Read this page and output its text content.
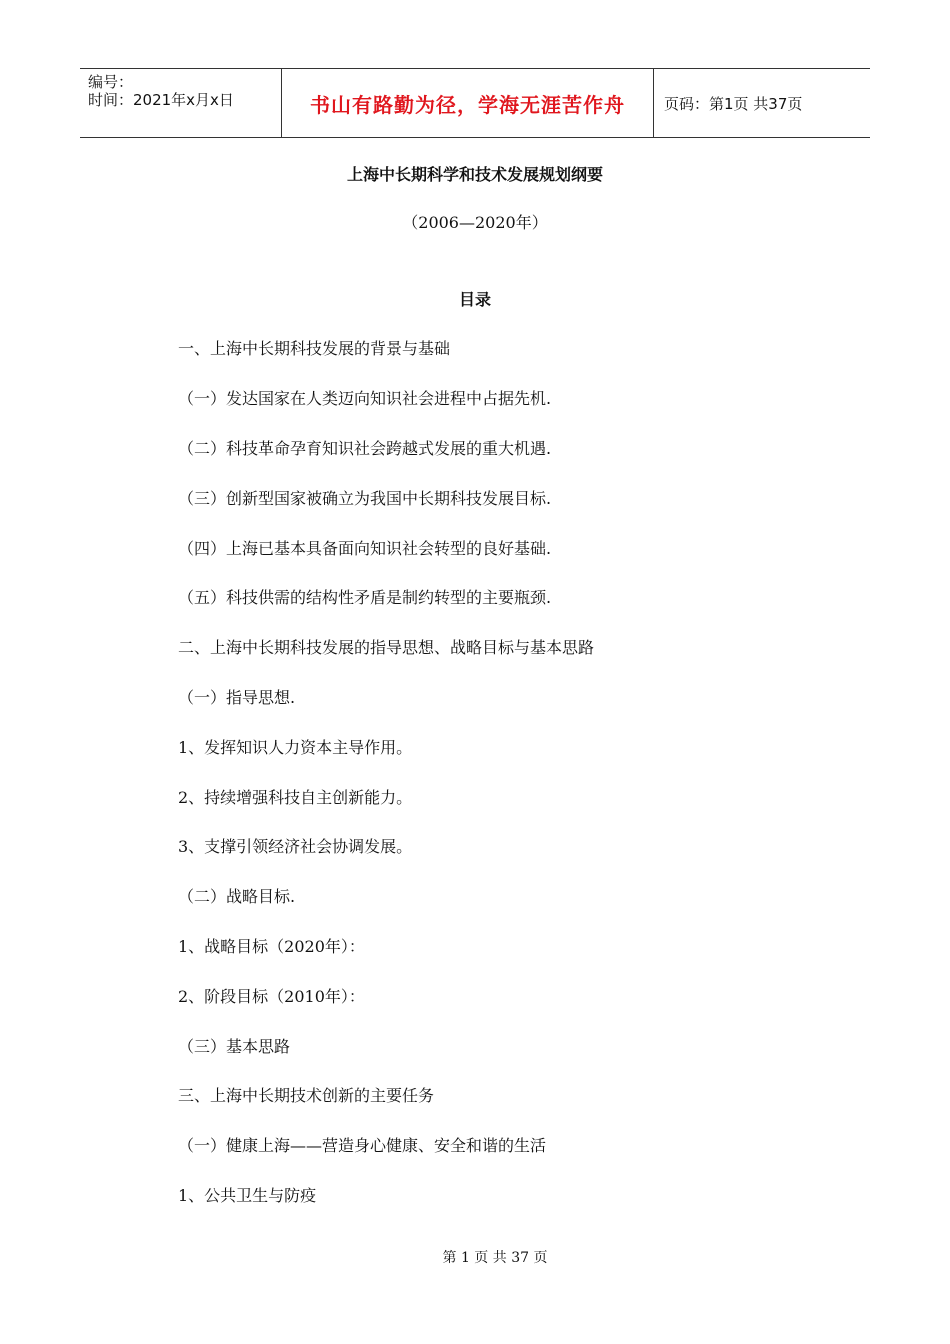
编号：
时间：2021年x月x日	书山有路勤为径，学海无涯苦作舟	页码：第1页 共37页
上海中长期科学和技术发展规划纲要
（2006—2020年）
目录
一、上海中长期科技发展的背景与基础
（一）发达国家在人类迈向知识社会进程中占据先机.
（二）科技革命孕育知识社会跨越式发展的重大机遇.
（三）创新型国家被确立为我国中长期科技发展目标.
（四）上海已基本具备面向知识社会转型的良好基础.
（五）科技供需的结构性矛盾是制约转型的主要瓶颈.
二、上海中长期科技发展的指导思想、战略目标与基本思路
（一）指导思想.
1、发挥知识人力资本主导作用。
2、持续增强科技自主创新能力。
3、支撑引领经济社会协调发展。
（二）战略目标.
1、战略目标（2020年）：
2、阶段目标（2010年）：
（三）基本思路
三、上海中长期技术创新的主要任务
（一）健康上海——营造身心健康、安全和谐的生活
1、公共卫生与防疫
第 1 页 共 37 页
